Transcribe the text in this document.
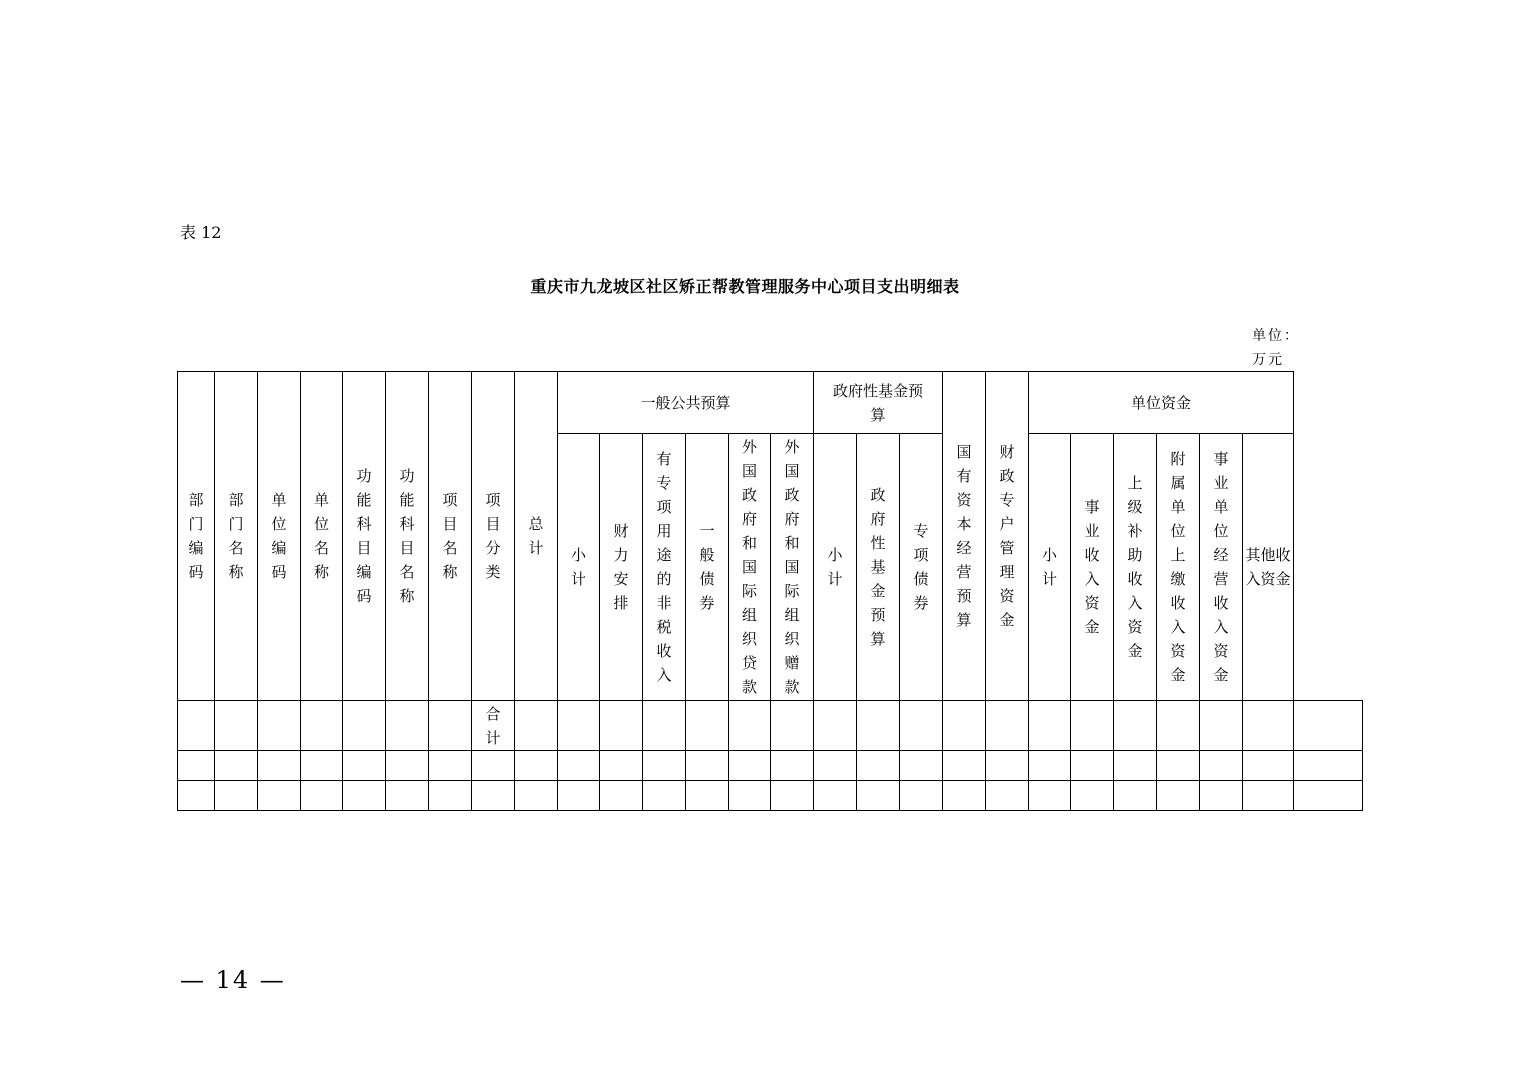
表 12
重庆市九龙坡区社区矫正帮教管理服务中心项目支出明细表
单位：万元
部门编码	部门名称	单位编码	单位名称	功能科目编码	功能科目名称	项目名称	项目分类	总计	一般公共预算						政府性基金预算			国有资本经营预算	财政专户管理资金	单位资金						
									小计	财力安排	有专项用途的非税收入	一般债券	外国政府和国际组织贷款	外国政府和国际组织赠款	小计	政府性基金预算	专项债券			小计	事业收入资金	上级补助收入资金	附属单位上缴收入资金	事业单位经营收入资金	其他收入资金	
							合计																			

— 14 —
